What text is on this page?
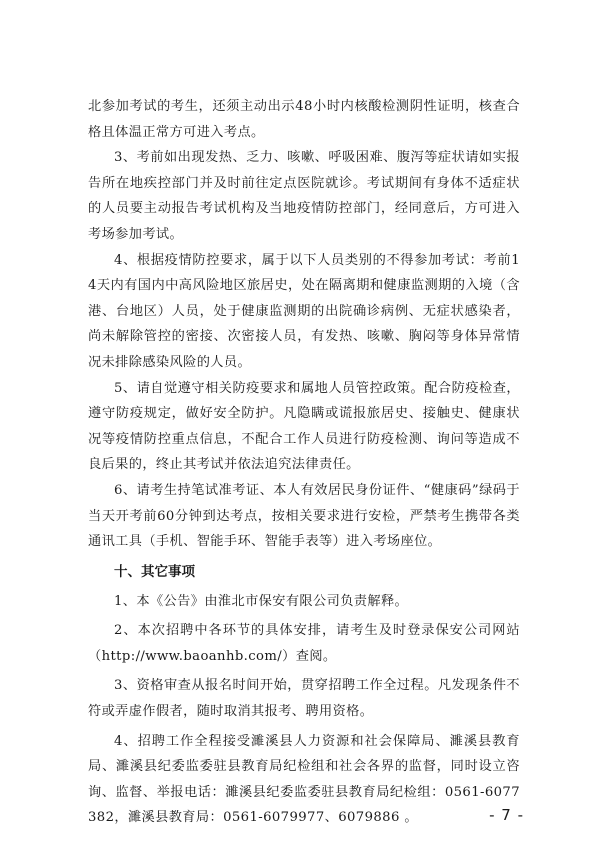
北参加考试的考生，还须主动出示48小时内核酸检测阴性证明，核查合格且体温正常方可进入考点。

3、考前如出现发热、乏力、咳嗽、呼吸困难、腹泻等症状请如实报告所在地疾控部门并及时前往定点医院就诊。考试期间有身体不适症状的人员要主动报告考试机构及当地疫情防控部门，经同意后，方可进入考场参加考试。

4、根据疫情防控要求，属于以下人员类别的不得参加考试：考前14天内有国内中高风险地区旅居史，处在隔离期和健康监测期的入境（含港、台地区）人员，处于健康监测期的出院确诊病例、无症状感染者，尚未解除管控的密接、次密接人员，有发热、咳嗽、胸闷等身体异常情况未排除感染风险的人员。

5、请自觉遵守相关防疫要求和属地人员管控政策。配合防疫检查，遵守防疫规定，做好安全防护。凡隐瞒或谎报旅居史、接触史、健康状况等疫情防控重点信息，不配合工作人员进行防疫检测、询问等造成不良后果的，终止其考试并依法追究法律责任。

6、请考生持笔试准考证、本人有效居民身份证件、“健康码”绿码于当天开考前60分钟到达考点，按相关要求进行安检，严禁考生携带各类通讯工具（手机、智能手环、智能手表等）进入考场座位。

十、其它事项

1、本《公告》由淮北市保安有限公司负责解释。

2、本次招聘中各环节的具体安排，请考生及时登录保安公司网站（http://www.baoanhb.com/）查阅。

3、资格审查从报名时间开始，贯穿招聘工作全过程。凡发现条件不符或弄虚作假者，随时取消其报考、聘用资格。

4、招聘工作全程接受濉溪县人力资源和社会保障局、濉溪县教育局、濉溪县纪委监委驻县教育局纪检组和社会各界的监督，同时设立咨询、监督、举报电话：濉溪县纪委监委驻县教育局纪检组：0561-6077382，濉溪县教育局：0561-6079977、6079886 。	- 7 -
